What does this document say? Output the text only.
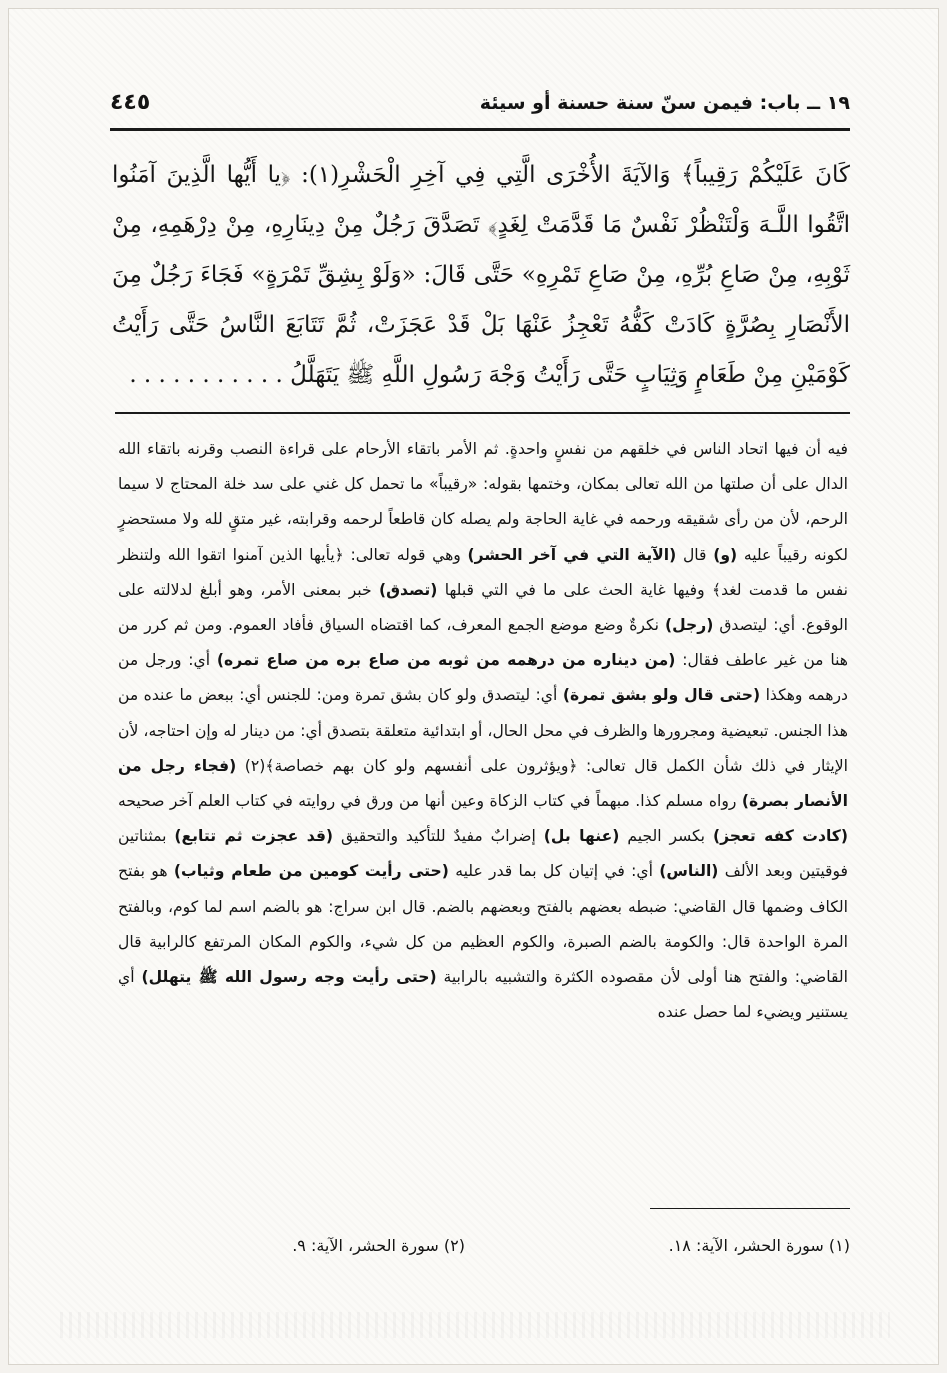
١٩ ــ باب: فيمن سنّ سنة حسنة أو سيئة
٤٤٥

كَانَ عَلَيْكُمْ رَقِيباً﴾ وَالآيَةَ الأُخْرَى الَّتِي فِي آخِرِ الْحَشْرِ(١): ﴿يا أَيُّها الَّذِينَ آمَنُوا اتَّقُوا اللَّـهَ وَلْتَنْظُرْ نَفْسٌ مَا قَدَّمَتْ لِغَدٍ﴾ تَصَدَّقَ رَجُلٌ مِنْ دِينَارِهِ، مِنْ دِرْهَمِهِ، مِنْ ثَوْبِهِ، مِنْ صَاعِ بُرِّهِ، مِنْ صَاعِ تَمْرِهِ» حَتَّى قَالَ: «وَلَوْ بِشِقِّ تَمْرَةٍ» فَجَاءَ رَجُلٌ مِنَ الأَنْصَارِ بِصُرَّةٍ كَادَتْ كَفُّهُ تَعْجِزُ عَنْهَا بَلْ قَدْ عَجَزَتْ، ثُمَّ تَتَابَعَ النَّاسُ حَتَّى رَأَيْتُ كَوْمَيْنِ مِنْ طَعَامٍ وَثِيَابٍ حَتَّى رَأَيْتُ وَجْهَ رَسُولِ اللَّهِ ﷺ يَتَهَلَّلُ . . . . . . . . . . .

فيه أن فيها اتحاد الناس في خلقهم من نفسٍ واحدةٍ. ثم الأمر باتقاء الأرحام على قراءة النصب وقرنه باتقاء الله الدال على أن صلتها من الله تعالى بمكان، وختمها بقوله: «رقيباً» ما تحمل كل غني على سد خلة المحتاج لا سيما الرحم، لأن من رأى شقيقه ورحمه في غاية الحاجة ولم يصله كان قاطعاً لرحمه وقرابته، غير متقٍ لله ولا مستحضرٍ لكونه رقيباً عليه (و) قال (الآية التي في آخر الحشر) وهي قوله تعالى: ﴿يأيها الذين آمنوا اتقوا الله ولتنظر نفس ما قدمت لغد﴾ وفيها غاية الحث على ما في التي قبلها (تصدق) خبر بمعنى الأمر، وهو أبلغ لدلالته على الوقوع. أي: ليتصدق (رجل) نكرةٌ وضع موضع الجمع المعرف، كما اقتضاه السياق فأفاد العموم. ومن ثم كرر من هنا من غير عاطف فقال: (من ديناره من درهمه من ثوبه من صاع بره من صاع تمره) أي: ورجل من درهمه وهكذا (حتى قال ولو بشق تمرة) أي: ليتصدق ولو كان بشق تمرة ومن: للجنس أي: ببعض ما عنده من هذا الجنس. تبعيضية ومجرورها والظرف في محل الحال، أو ابتدائية متعلقة بتصدق أي: من دينار له وإن احتاجه، لأن الإيثار في ذلك شأن الكمل قال تعالى: ﴿ويؤثرون على أنفسهم ولو كان بهم خصاصة﴾(٢) (فجاء رجل من الأنصار بصرة) رواه مسلم كذا. مبهماً في كتاب الزكاة وعين أنها من ورق في روايته في كتاب العلم آخر صحيحه (كادت كفه تعجز) بكسر الجيم (عنها بل) إضرابٌ مفيدٌ للتأكيد والتحقيق (قد عجزت ثم تتابع) بمثناتين فوقيتين وبعد الألف (الناس) أي: في إتيان كل بما قدر عليه (حتى رأيت كومين من طعام وثياب) هو بفتح الكاف وضمها قال القاضي: ضبطه بعضهم بالفتح وبعضهم بالضم. قال ابن سراج: هو بالضم اسم لما كوم، وبالفتح المرة الواحدة قال: والكومة بالضم الصبرة، والكوم العظيم من كل شيء، والكوم المكان المرتفع كالرابية قال القاضي: والفتح هنا أولى لأن مقصوده الكثرة والتشبيه بالرابية (حتى رأيت وجه رسول الله ﷺ يتهلل) أي يستنير ويضيء لما حصل عنده

(١) سورة الحشر، الآية: ١٨.
(٢) سورة الحشر، الآية: ٩.
